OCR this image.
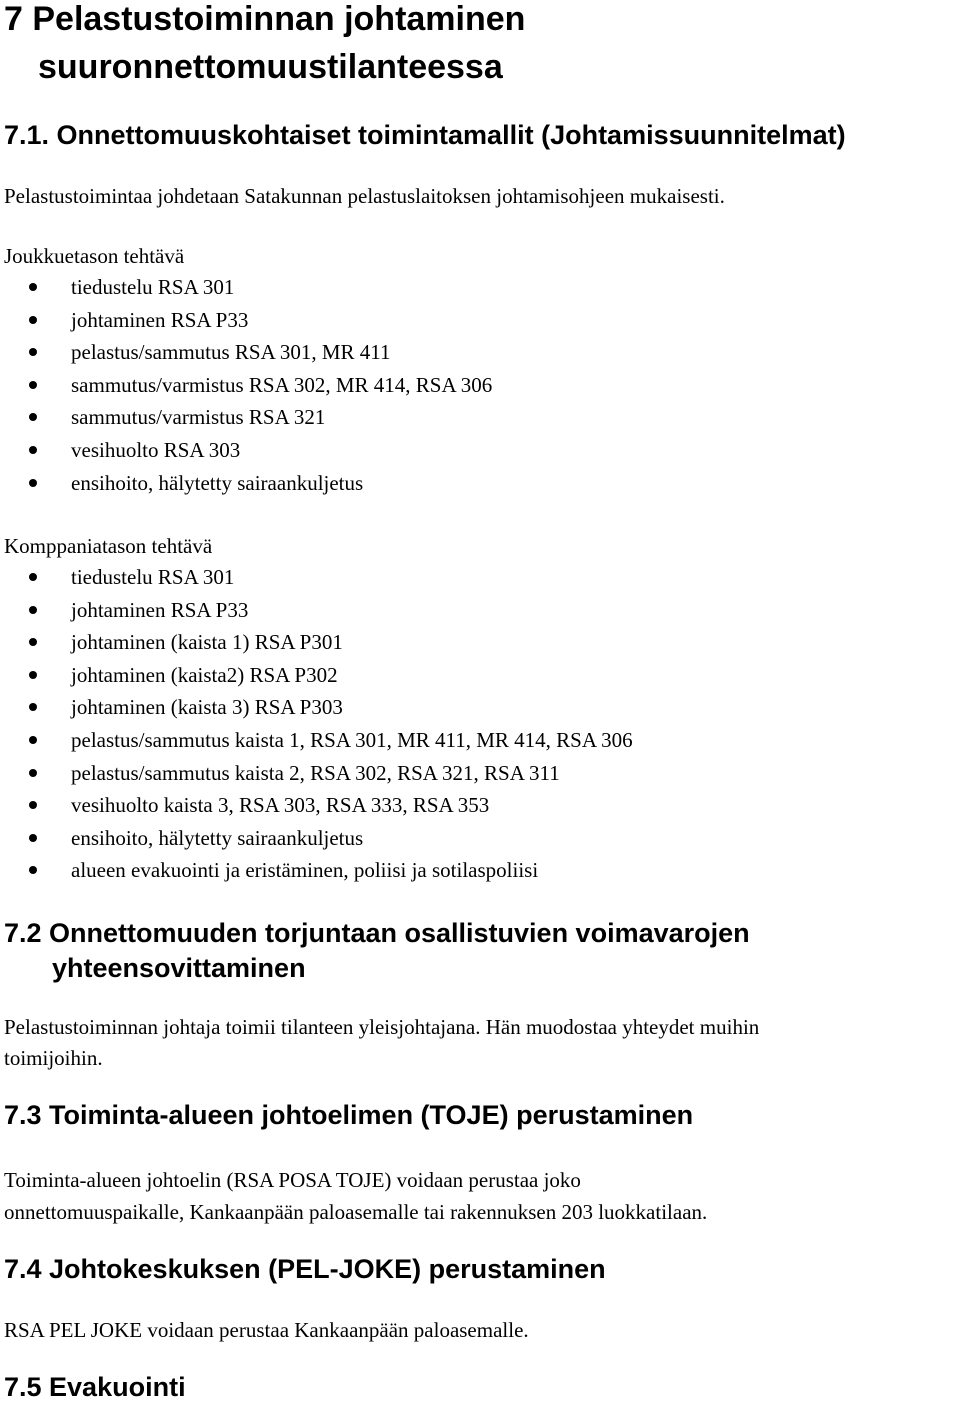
7 Pelastustoiminnan johtaminen
suuronnettomuustilanteessa
7.1. Onnettomuuskohtaiset toimintamallit (Johtamissuunnitelmat)
Pelastustoimintaa johdetaan Satakunnan pelastuslaitoksen johtamisohjeen mukaisesti.
Joukkuetason tehtävä
tiedustelu RSA 301
johtaminen RSA P33
pelastus/sammutus RSA 301, MR 411
sammutus/varmistus RSA 302, MR 414, RSA 306
sammutus/varmistus RSA 321
vesihuolto RSA 303
ensihoito, hälytetty sairaankuljetus
Komppaniatason tehtävä
tiedustelu RSA 301
johtaminen RSA P33
johtaminen (kaista 1) RSA P301
johtaminen (kaista2) RSA P302
johtaminen (kaista 3) RSA P303
pelastus/sammutus kaista 1, RSA 301, MR 411, MR 414, RSA 306
pelastus/sammutus kaista 2, RSA 302, RSA 321, RSA 311
vesihuolto kaista 3, RSA 303, RSA 333, RSA 353
ensihoito, hälytetty sairaankuljetus
alueen evakuointi ja eristäminen, poliisi ja sotilaspoliisi
7.2 Onnettomuuden torjuntaan osallistuvien voimavarojen
yhteensovittaminen
Pelastustoiminnan johtaja toimii tilanteen yleisjohtajana. Hän muodostaa yhteydet muihin
toimijoihin.
7.3 Toiminta-alueen johtoelimen (TOJE) perustaminen
Toiminta-alueen johtoelin (RSA POSA TOJE) voidaan perustaa joko
onnettomuuspaikalle, Kankaanpään paloasemalle tai rakennuksen 203 luokkatilaan.
7.4 Johtokeskuksen (PEL-JOKE) perustaminen
RSA PEL JOKE voidaan perustaa Kankaanpään paloasemalle.
7.5 Evakuointi
